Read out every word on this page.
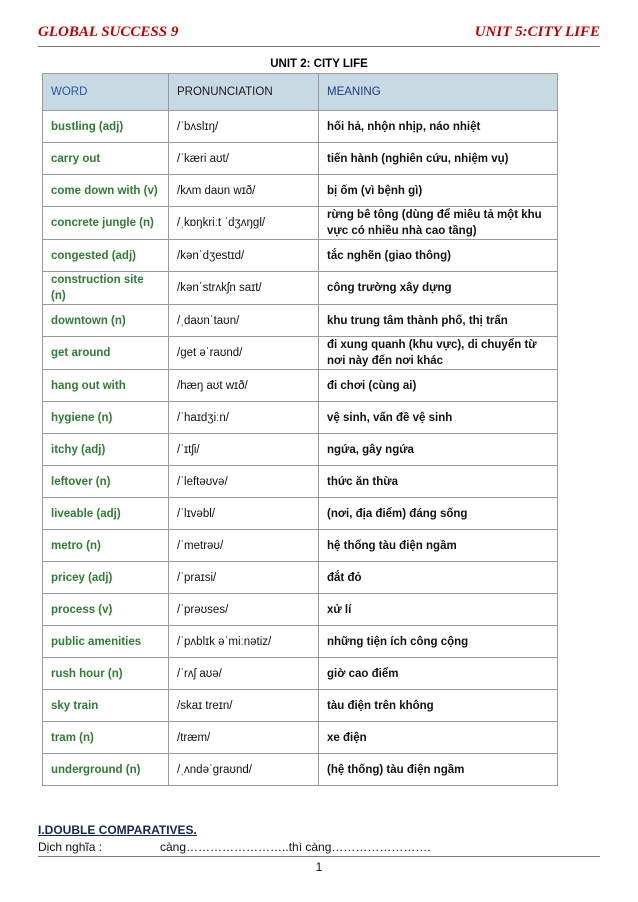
GLOBAL SUCCESS 9	UNIT 5:CITY LIFE
UNIT 2: CITY LIFE
WORD	PRONUNCIATION	MEANING
bustling (adj)	/ˈbʌslɪŋ/	hối hả, nhộn nhịp, náo nhiệt
carry out	/ˈkæri aʊt/	tiến hành (nghiên cứu, nhiệm vụ)
come down with (v)	/kʌm daʊn wɪð/	bị ốm (vì bệnh gì)
concrete jungle (n)	/ˌkɒŋkriːt ˈdʒʌŋɡl/	rừng bê tông (dùng để miêu tả một khu vực có nhiều nhà cao tầng)
congested (adj)	/kənˈdʒestɪd/	tắc nghẽn (giao thông)
construction site (n)	/kənˈstrʌkʃn saɪt/	công trường xây dựng
downtown (n)	/ˌdaʊnˈtaʊn/	khu trung tâm thành phố, thị trấn
get around	/get əˈraʊnd/	đi xung quanh (khu vực), di chuyển từ nơi này đến nơi khác
hang out with	/hæŋ aʊt wɪð/	đi chơi (cùng ai)
hygiene (n)	/ˈhaɪdʒiːn/	vệ sinh, vấn đề vệ sinh
itchy (adj)	/ˈɪtʃi/	ngứa, gây ngứa
leftover (n)	/ˈleftəʊvə/	thức ăn thừa
liveable (adj)	/ˈlɪvəbl/	(nơi, địa điểm) đáng sống
metro (n)	/ˈmetrəʊ/	hệ thống tàu điện ngầm
pricey (adj)	/ˈpraɪsi/	đắt đỏ
process (v)	/ˈprəʊses/	xử lí
public amenities	/ˈpʌblɪk əˈmiːnətiz/	những tiện ích công cộng
rush hour (n)	/ˈrʌʃ aʊə/	giờ cao điểm
sky train	/skaɪ treɪn/	tàu điện trên không
tram (n)	/træm/	xe điện
underground (n)	/ˌʌndəˈɡraʊnd/	(hệ thống) tàu điện ngầm
I.DOUBLE COMPARATIVES.
Dịch nghĩa :	càng……………………..thì càng…………………….
1
